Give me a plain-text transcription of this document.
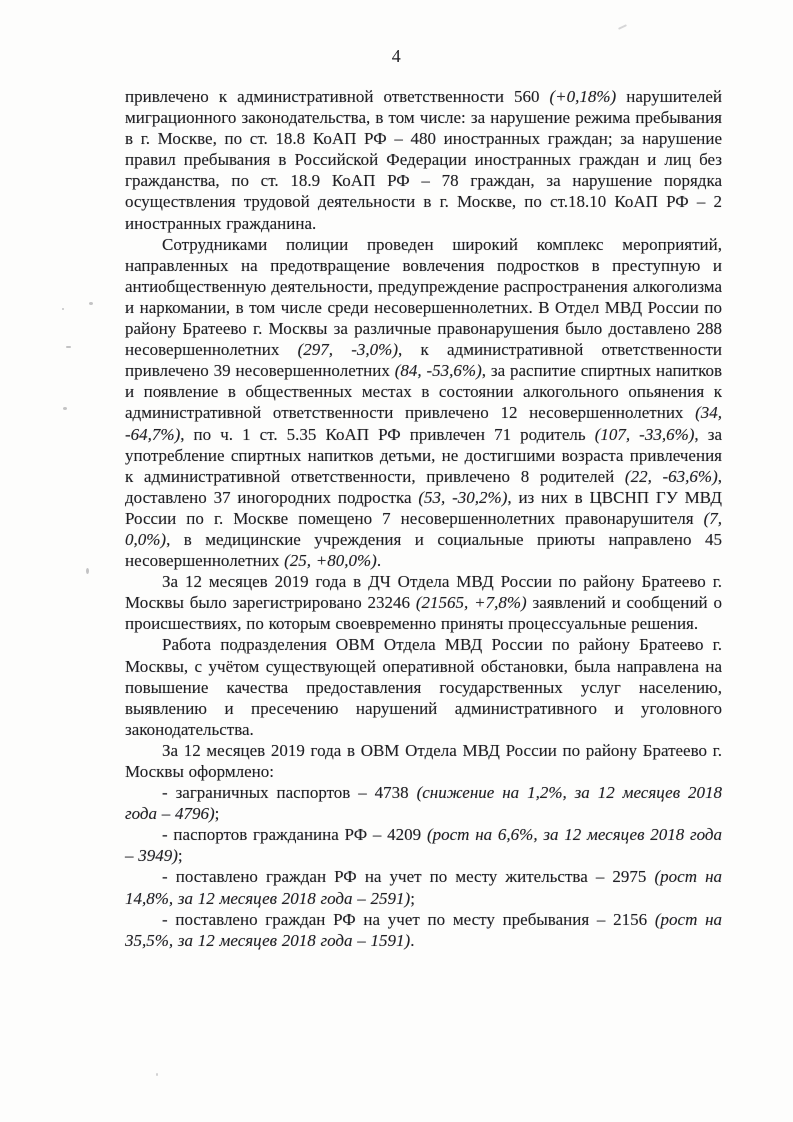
4

привлечено к административной ответственности 560 (+0,18%) нарушителей миграционного законодательства, в том числе: за нарушение режима пребывания в г. Москве, по ст. 18.8 КоАП РФ – 480 иностранных граждан; за нарушение правил пребывания в Российской Федерации иностранных граждан и лиц без гражданства, по ст. 18.9 КоАП РФ – 78 граждан, за нарушение порядка осуществления трудовой деятельности в г. Москве, по ст.18.10 КоАП РФ – 2 иностранных гражданина.

Сотрудниками полиции проведен широкий комплекс мероприятий, направленных на предотвращение вовлечения подростков в преступную и антиобщественную деятельности, предупреждение распространения алкоголизма и наркомании, в том числе среди несовершеннолетних. В Отдел МВД России по району Братеево г. Москвы за различные правонарушения было доставлено 288 несовершеннолетних (297, -3,0%), к административной ответственности привлечено 39 несовершеннолетних (84, -53,6%), за распитие спиртных напитков и появление в общественных местах в состоянии алкогольного опьянения к административной ответственности привлечено 12 несовершеннолетних (34, -64,7%), по ч. 1 ст. 5.35 КоАП РФ привлечен 71 родитель (107, -33,6%), за употребление спиртных напитков детьми, не достигшими возраста привлечения к административной ответственности, привлечено 8 родителей (22, -63,6%), доставлено 37 иногородних подростка (53, -30,2%), из них в ЦВСНП ГУ МВД России по г. Москве помещено 7 несовершеннолетних правонарушителя (7, 0,0%), в медицинские учреждения и социальные приюты направлено 45 несовершеннолетних (25, +80,0%).

За 12 месяцев 2019 года в ДЧ Отдела МВД России по району Братеево г. Москвы было зарегистрировано 23246 (21565, +7,8%) заявлений и сообщений о происшествиях, по которым своевременно приняты процессуальные решения.

Работа подразделения ОВМ Отдела МВД России по району Братеево г. Москвы, с учётом существующей оперативной обстановки, была направлена на повышение качества предоставления государственных услуг населению, выявлению и пресечению нарушений административного и уголовного законодательства.

За 12 месяцев 2019 года в ОВМ Отдела МВД России по району Братеево г. Москвы оформлено:

- заграничных паспортов – 4738 (снижение на 1,2%, за 12 месяцев 2018 года – 4796);

- паспортов гражданина РФ – 4209 (рост на 6,6%, за 12 месяцев 2018 года – 3949);

- поставлено граждан РФ на учет по месту жительства – 2975 (рост на 14,8%, за 12 месяцев 2018 года – 2591);

- поставлено граждан РФ на учет по месту пребывания – 2156 (рост на 35,5%, за 12 месяцев 2018 года – 1591).
